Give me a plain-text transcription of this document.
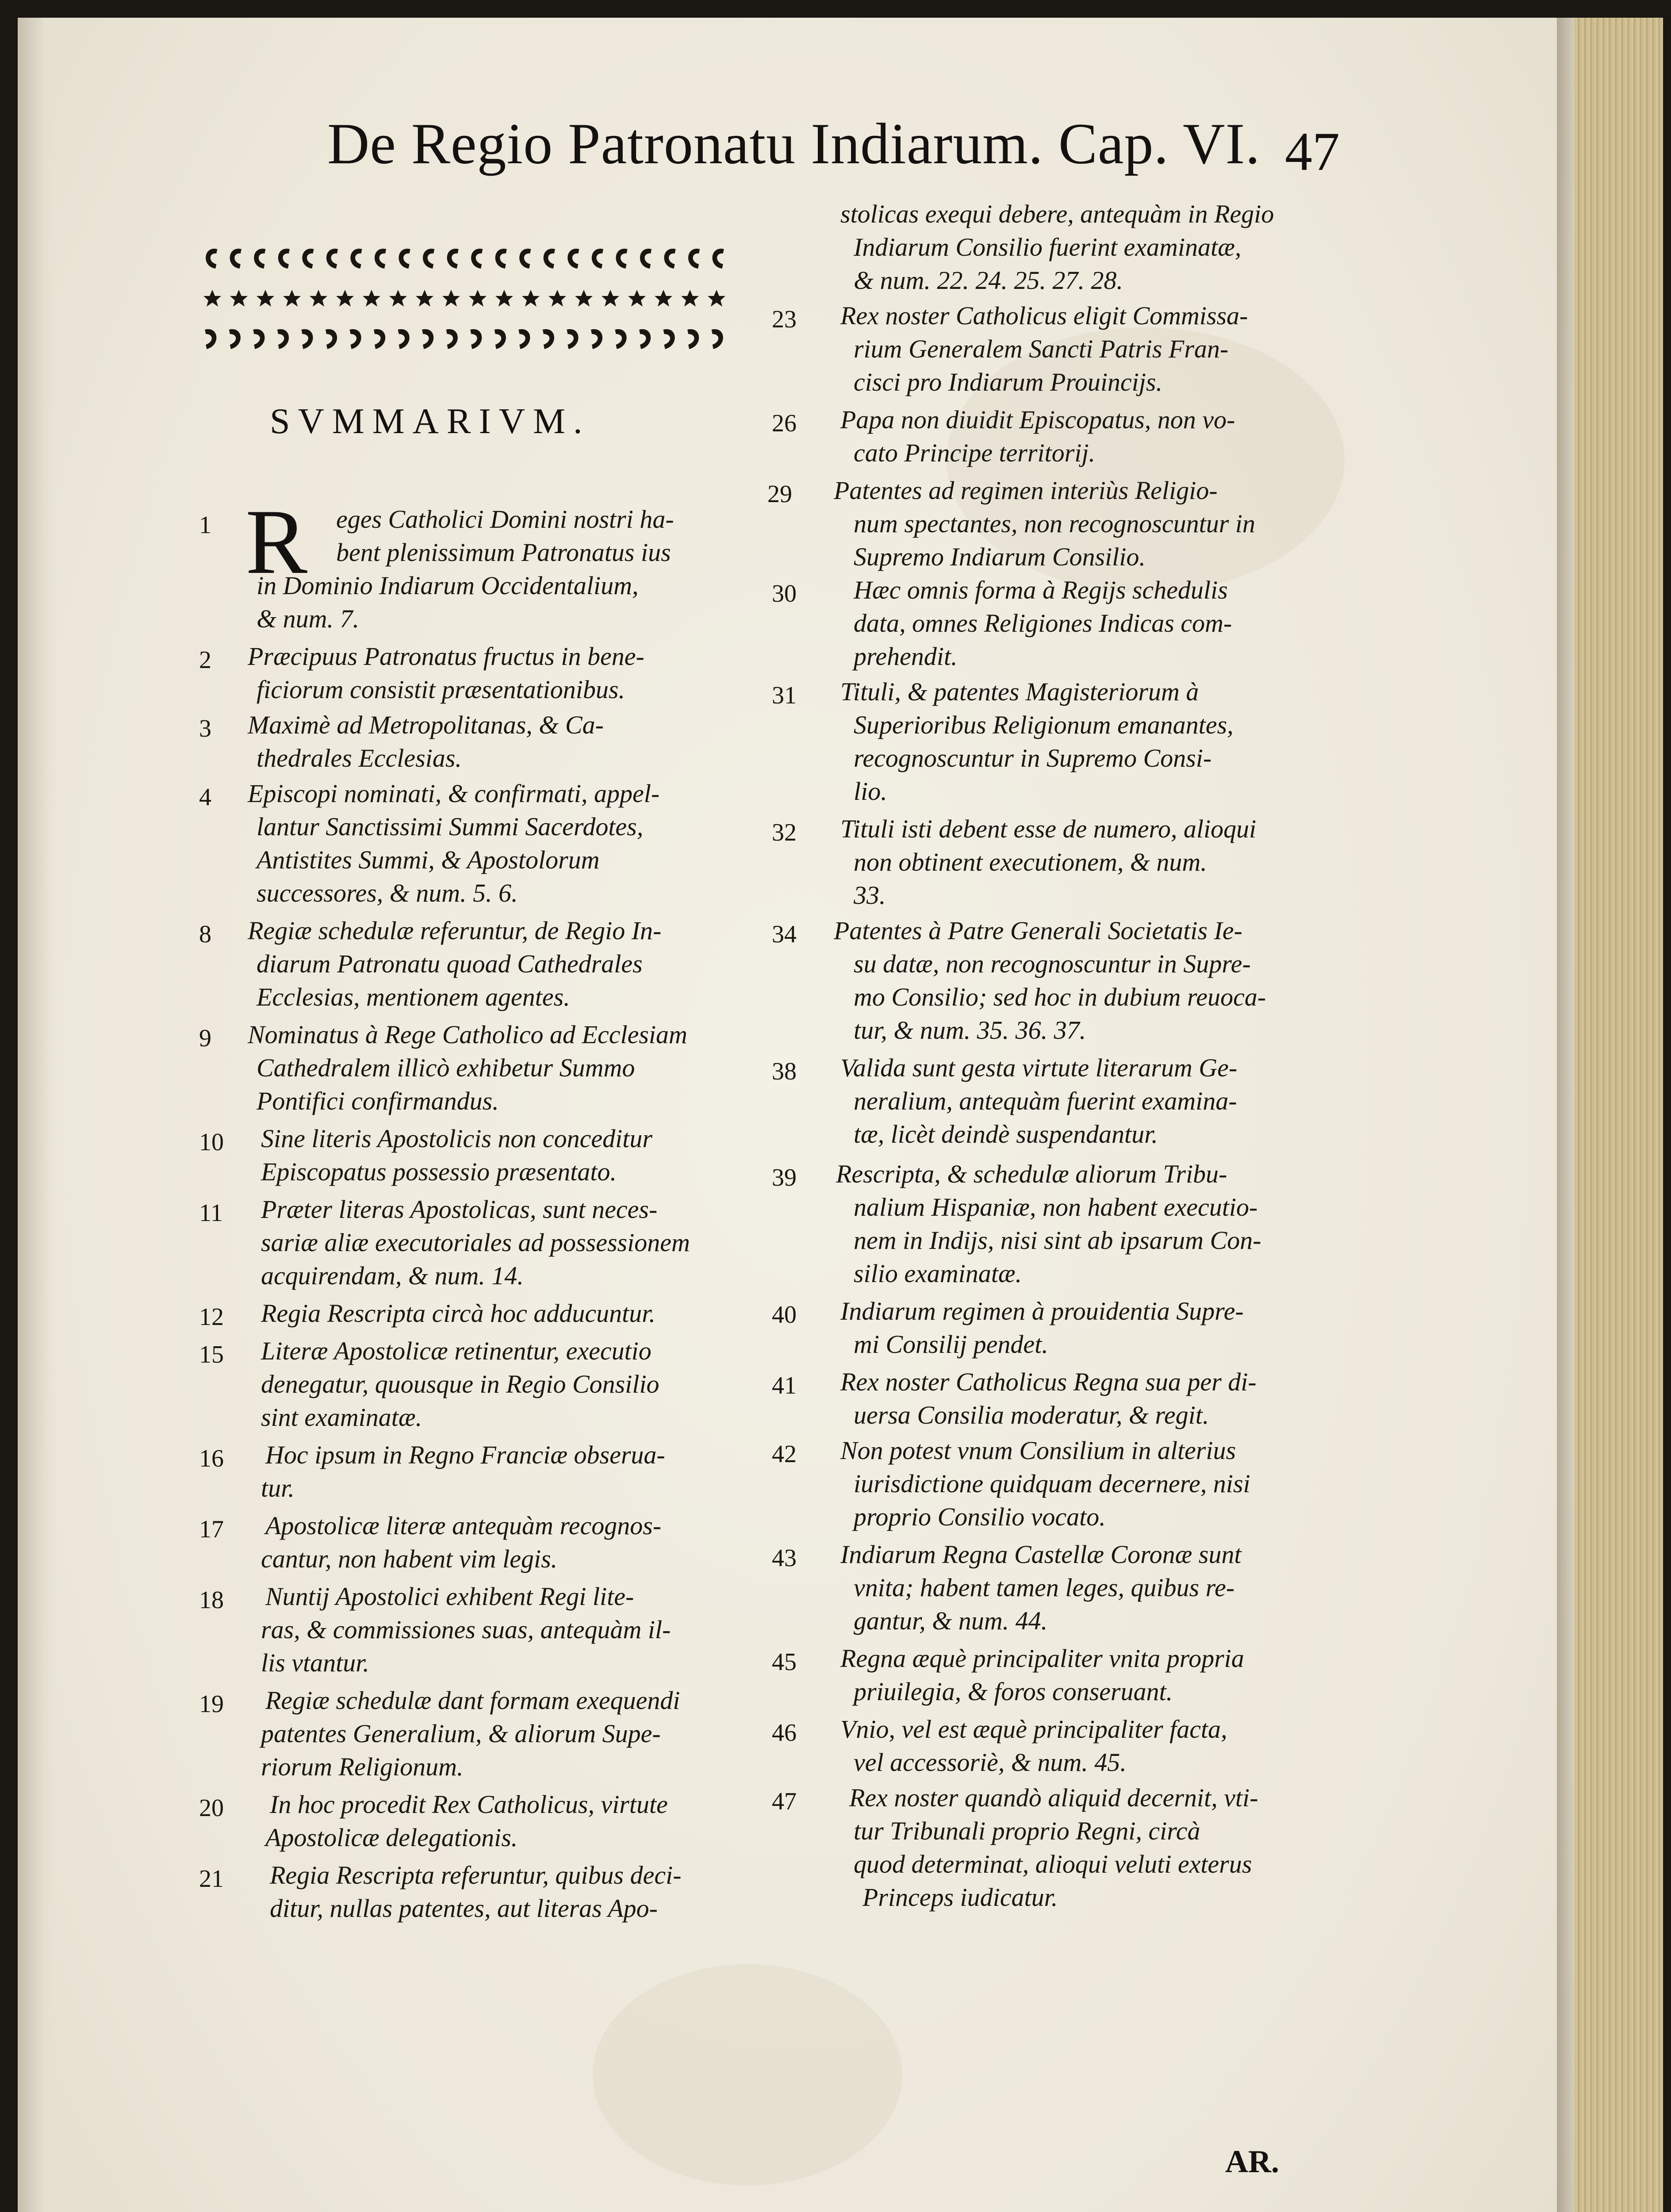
De Regio Patronatu Indiarum. Cap. VI. 47
SVMMARIVM.
1 R eges Catholici Domini nostri ha-
bent plenissimum Patronatus ius
in Dominio Indiarum Occidentalium,
& num. 7.
2 Præcipuus Patronatus fructus in bene-
ficiorum consistit præsentationibus.
3 Maximè ad Metropolitanas, & Ca-
thedrales Ecclesias.
4 Episcopi nominati, & confirmati, appel-
lantur Sanctissimi Summi Sacerdotes,
Antistites Summi, & Apostolorum
successores, & num. 5. 6.
8 Regiæ schedulæ referuntur, de Regio In-
diarum Patronatu quoad Cathedrales
Ecclesias, mentionem agentes.
9 Nominatus à Rege Catholico ad Ecclesiam
Cathedralem illicò exhibetur Summo
Pontifici confirmandus.
10 Sine literis Apostolicis non conceditur
Episcopatus possessio præsentato.
11 Præter literas Apostolicas, sunt neces-
sariæ aliæ executoriales ad possessionem
acquirendam, & num. 14.
12 Regia Rescripta circà hoc adducuntur.
15 Literæ Apostolicæ retinentur, executio
denegatur, quousque in Regio Consilio
sint examinatæ.
16 Hoc ipsum in Regno Franciæ obserua-
tur.
17 Apostolicæ literæ antequàm recognos-
cantur, non habent vim legis.
18 Nuntij Apostolici exhibent Regi lite-
ras, & commissiones suas, antequàm il-
lis vtantur.
19 Regiæ schedulæ dant formam exequendi
patentes Generalium, & aliorum Supe-
riorum Religionum.
20 In hoc procedit Rex Catholicus, virtute
Apostolicæ delegationis.
21 Regia Rescripta referuntur, quibus deci-
ditur, nullas patentes, aut literas Apo-
stolicas exequi debere, antequàm in Regio
Indiarum Consilio fuerint examinatæ,
& num. 22. 24. 25. 27. 28.
23 Rex noster Catholicus eligit Commissa-
rium Generalem Sancti Patris Fran-
cisci pro Indiarum Prouincijs.
26 Papa non diuidit Episcopatus, non vo-
cato Principe territorij.
29 Patentes ad regimen interiùs Religio-
num spectantes, non recognoscuntur in
Supremo Indiarum Consilio.
30 Hæc omnis forma à Regijs schedulis
data, omnes Religiones Indicas com-
prehendit.
31 Tituli, & patentes Magisteriorum à
Superioribus Religionum emanantes,
recognoscuntur in Supremo Consi-
lio.
32 Tituli isti debent esse de numero, alioqui
non obtinent executionem, & num.
33.
34 Patentes à Patre Generali Societatis Ie-
su datæ, non recognoscuntur in Supre-
mo Consilio; sed hoc in dubium reuoca-
tur, & num. 35. 36. 37.
38 Valida sunt gesta virtute literarum Ge-
neralium, antequàm fuerint examina-
tæ, licèt deindè suspendantur.
39 Rescripta, & schedulæ aliorum Tribu-
nalium Hispaniæ, non habent executio-
nem in Indijs, nisi sint ab ipsarum Con-
silio examinatæ.
40 Indiarum regimen à prouidentia Supre-
mi Consilij pendet.
41 Rex noster Catholicus Regna sua per di-
uersa Consilia moderatur, & regit.
42 Non potest vnum Consilium in alterius
iurisdictione quidquam decernere, nisi
proprio Consilio vocato.
43 Indiarum Regna Castellæ Coronæ sunt
vnita; habent tamen leges, quibus re-
gantur, & num. 44.
45 Regna æquè principaliter vnita propria
priuilegia, & foros conseruant.
46 Vnio, vel est æquè principaliter facta,
vel accessoriè, & num. 45.
47 Rex noster quandò aliquid decernit, vti-
tur Tribunali proprio Regni, circà
quod determinat, alioqui veluti exterus
Princeps iudicatur.
AR.
